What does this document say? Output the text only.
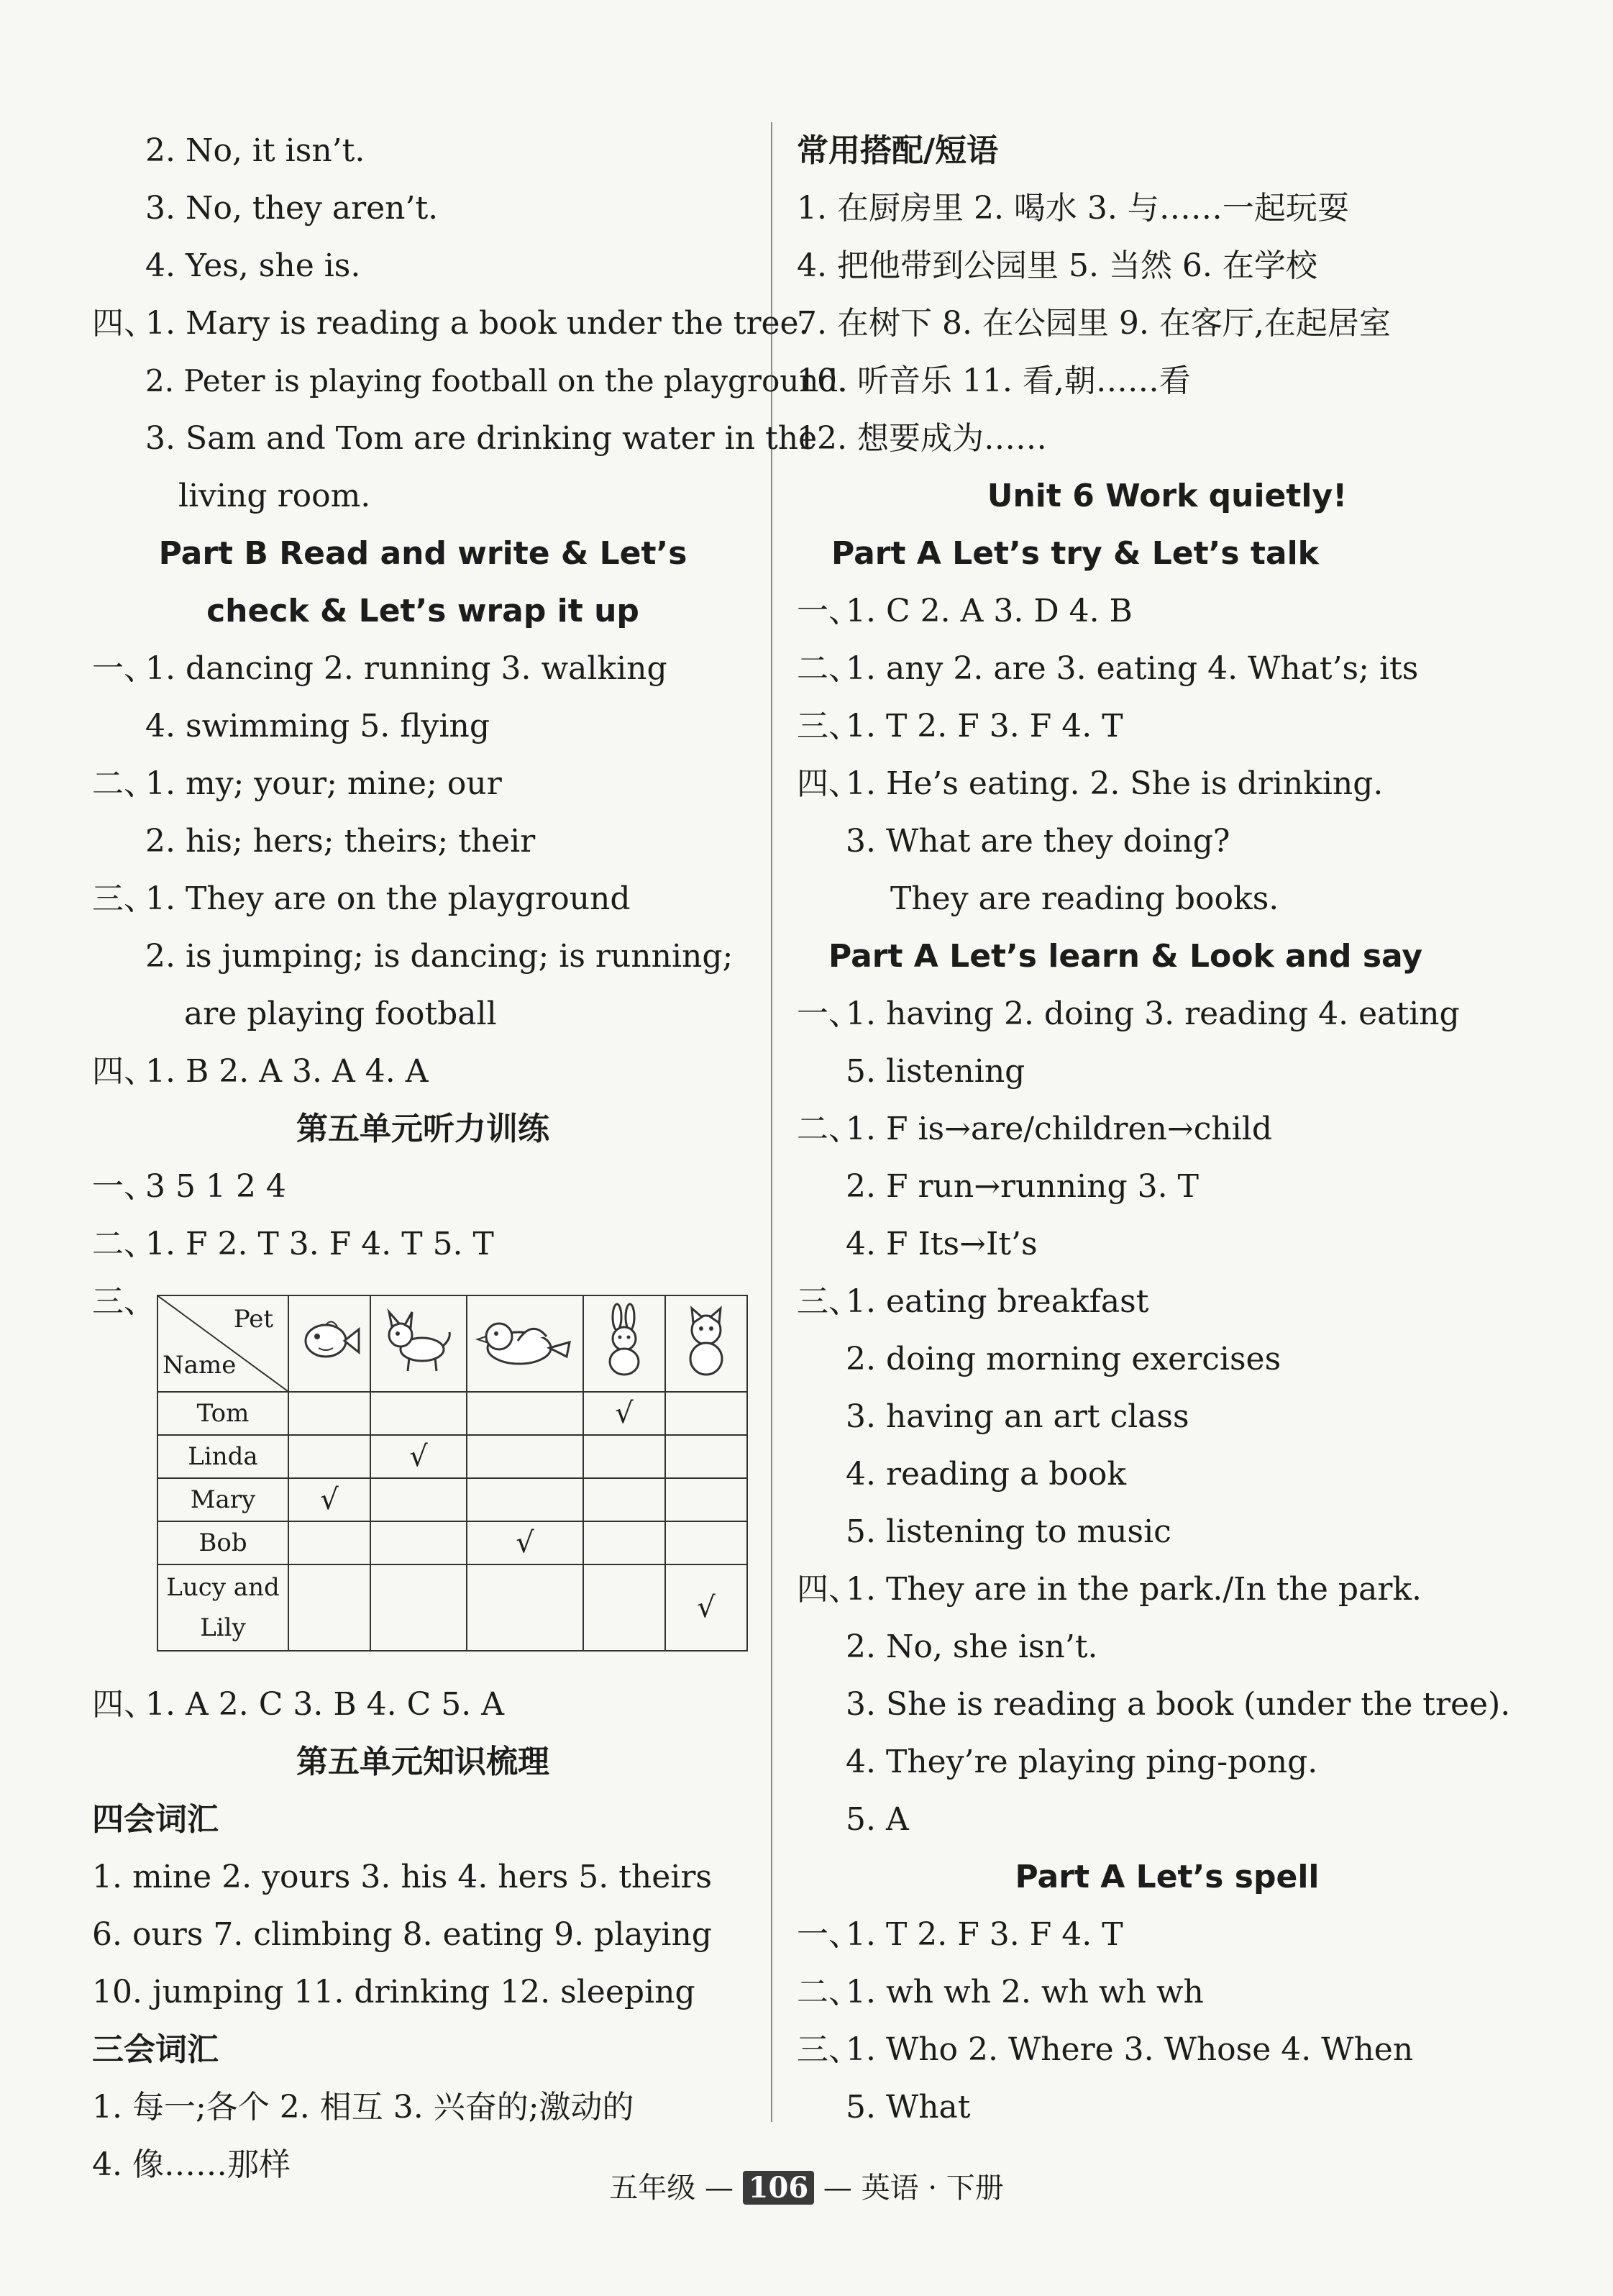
2. No, it isn’t.
3. No, they aren’t.
4. Yes, she is.
四、1. Mary is reading a book under the tree.
2. Peter is playing football on the playground.
3. Sam and Tom are drinking water in the
living room.
Part B Read and write & Let’s
check & Let’s wrap it up
一、1. dancing 2. running 3. walking
4. swimming 5. flying
二、1. my; your; mine; our
2. his; hers; theirs; their
三、1. They are on the playground
2. is jumping; is dancing; is running;
are playing football
四、1. B 2. A 3. A 4. A
第五单元听力训练
一、3 5 1 2 4
二、1. F 2. T 3. F 4. T 5. T
三、	Pet
Name

Tom				√	
Linda		√			
Mary	√				
Bob			√		
Lucy and Lily					√
四、1. A 2. C 3. B 4. C 5. A
第五单元知识梳理
四会词汇
1. mine 2. yours 3. his 4. hers 5. theirs
6. ours 7. climbing 8. eating 9. playing
10. jumping 11. drinking 12. sleeping
三会词汇
1. 每一;各个 2. 相互 3. 兴奋的;激动的
4. 像……那样
常用搭配/短语
1. 在厨房里 2. 喝水 3. 与……一起玩耍
4. 把他带到公园里 5. 当然 6. 在学校
7. 在树下 8. 在公园里 9. 在客厅,在起居室
10. 听音乐 11. 看,朝……看
12. 想要成为……
Unit 6 Work quietly!
Part A Let’s try & Let’s talk
一、1. C 2. A 3. D 4. B
二、1. any 2. are 3. eating 4. What’s; its
三、1. T 2. F 3. F 4. T
四、1. He’s eating. 2. She is drinking.
3. What are they doing?
They are reading books.
Part A Let’s learn & Look and say
一、1. having 2. doing 3. reading 4. eating
5. listening
二、1. F is→are/children→child
2. F run→running 3. T
4. F Its→It’s
三、1. eating breakfast
2. doing morning exercises
3. having an art class
4. reading a book
5. listening to music
四、1. They are in the park./In the park.
2. No, she isn’t.
3. She is reading a book (under the tree).
4. They’re playing ping-pong.
5. A
Part A Let’s spell
一、1. T 2. F 3. F 4. T
二、1. wh wh 2. wh wh wh
三、1. Who 2. Where 3. Whose 4. When
5. What
五年级 — 106 — 英语 · 下册
